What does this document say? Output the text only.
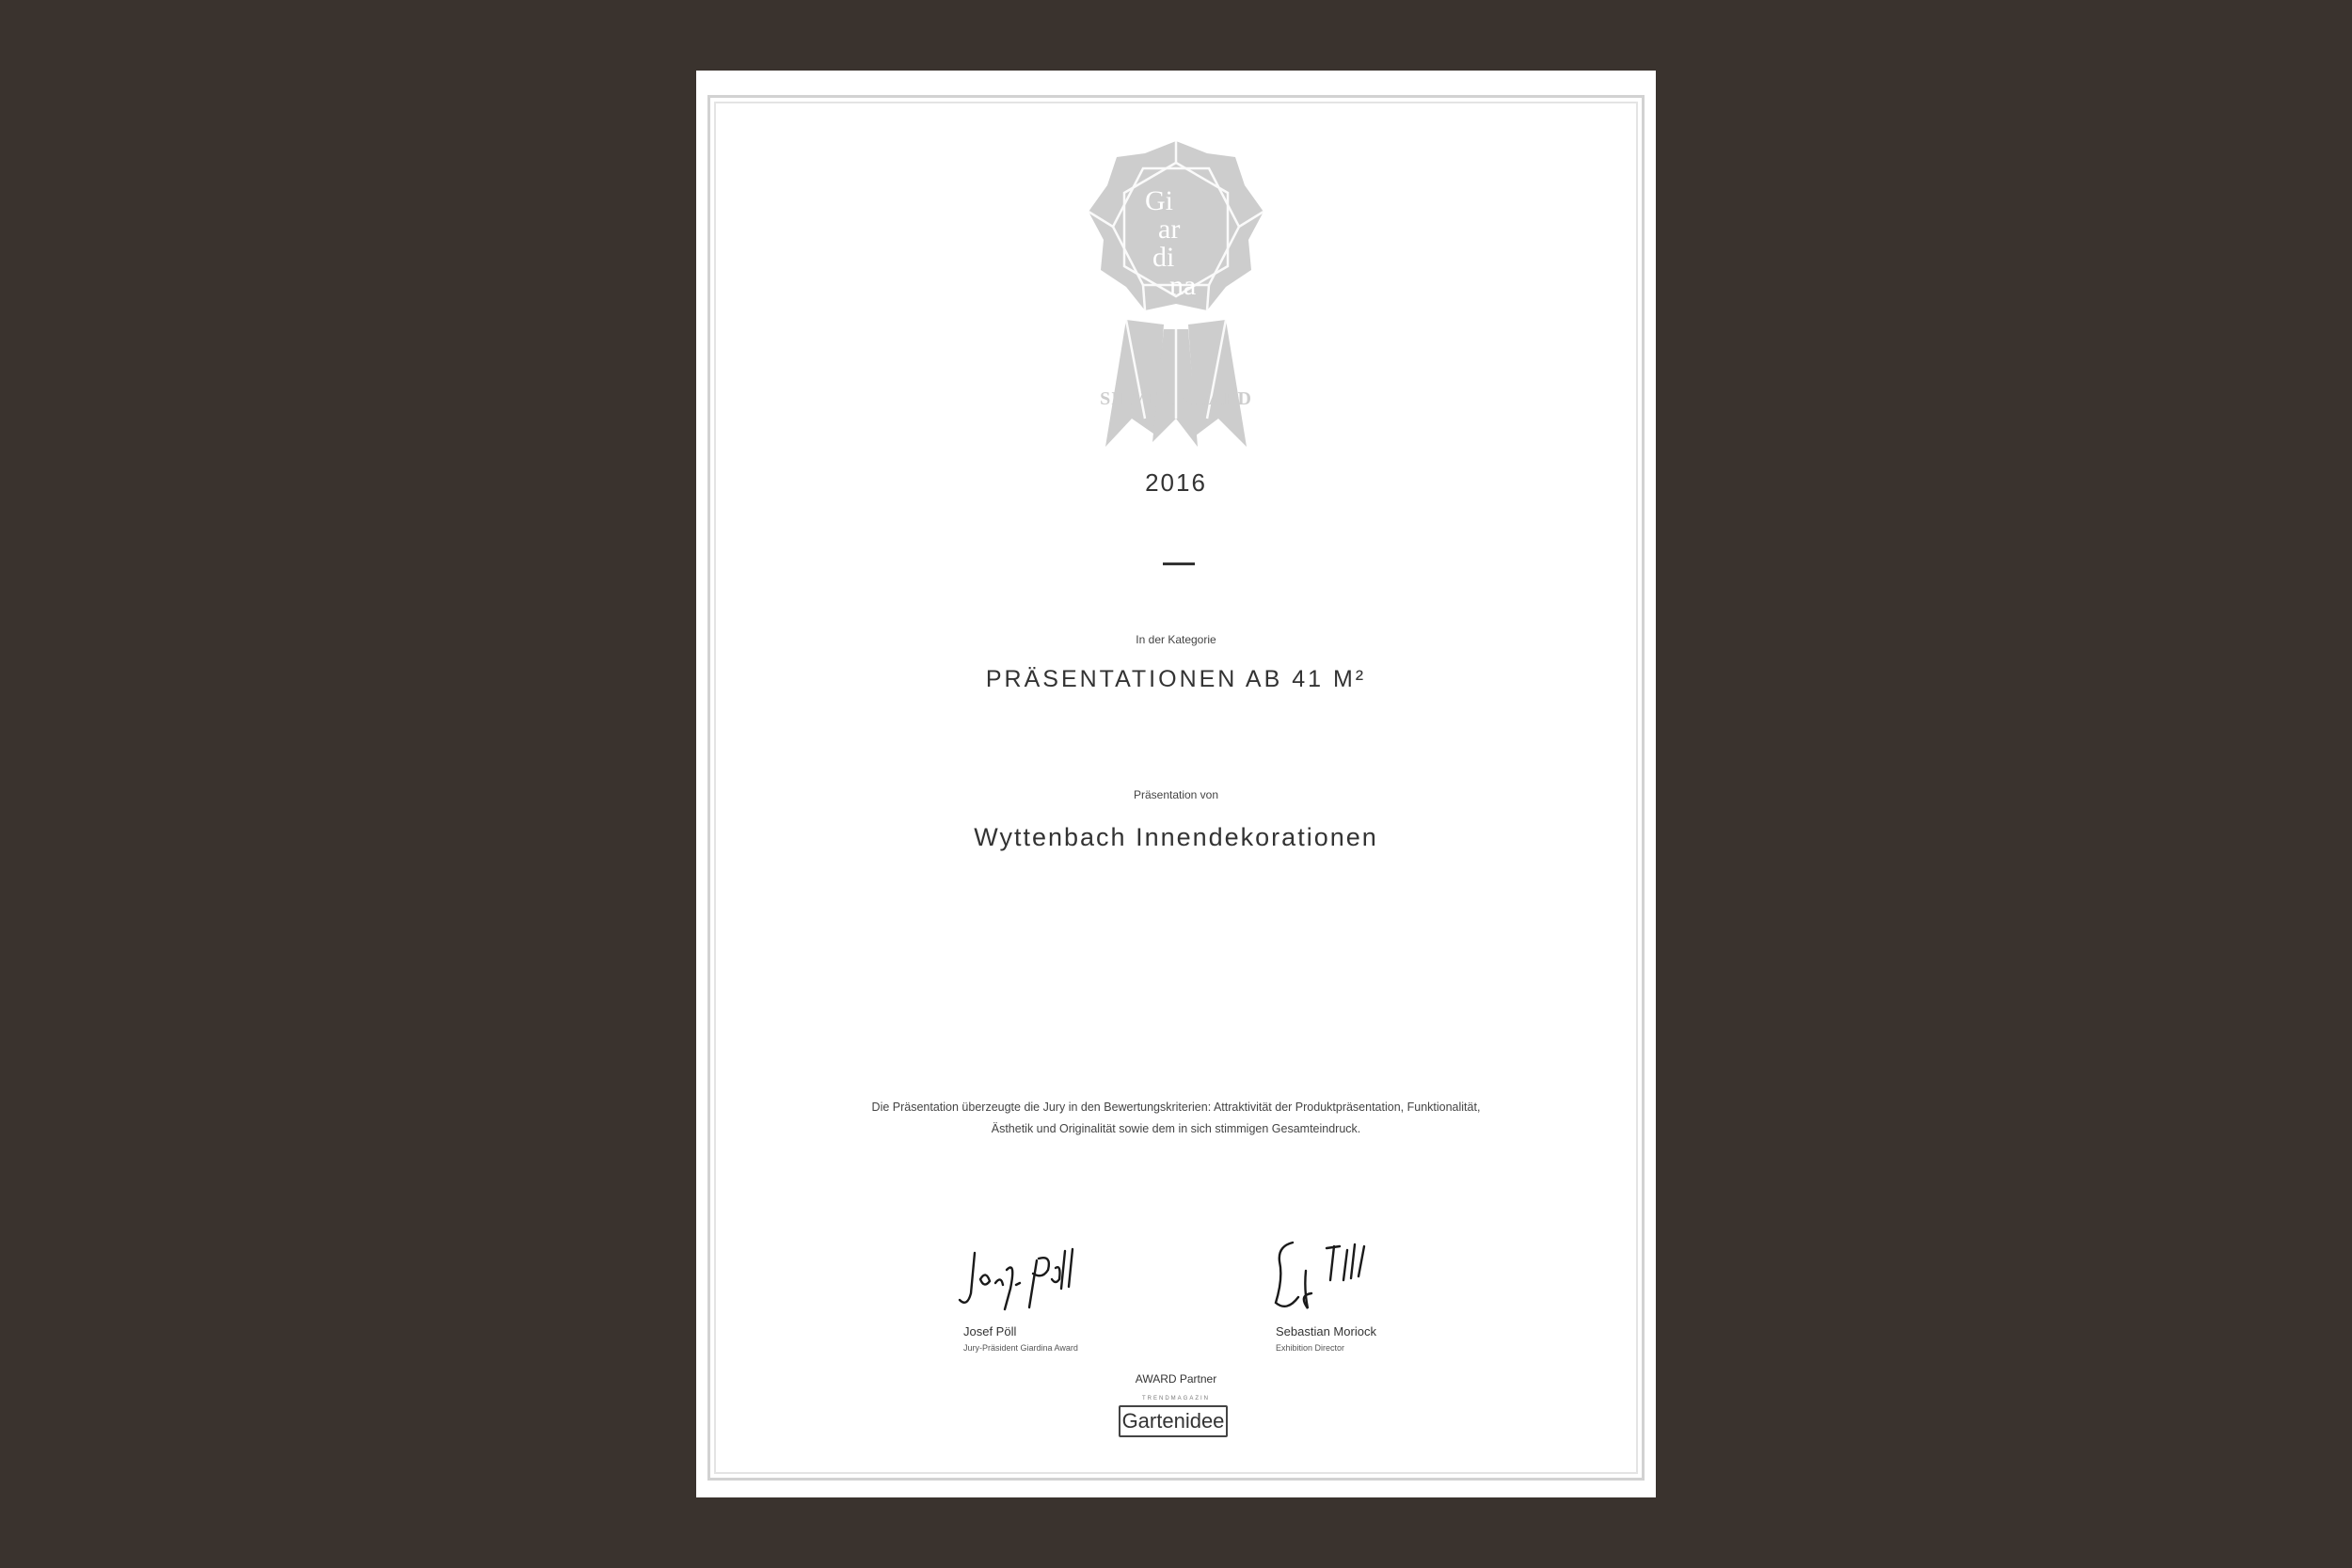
Gi
ar
di
na
SILVER AWARD
2016
In der Kategorie
PRÄSENTATIONEN AB 41 M²
Präsentation von
Wyttenbach Innendekorationen
Die Präsentation überzeugte die Jury in den Bewertungskriterien: Attraktivität der Produktpräsentation, Funktionalität,
Ästhetik und Originalität sowie dem in sich stimmigen Gesamteindruck.
Josef Pöll
Jury-Präsident Giardina Award
Sebastian Moriock
Exhibition Director
AWARD Partner
TRENDMAGAZIN
Gartenidee
